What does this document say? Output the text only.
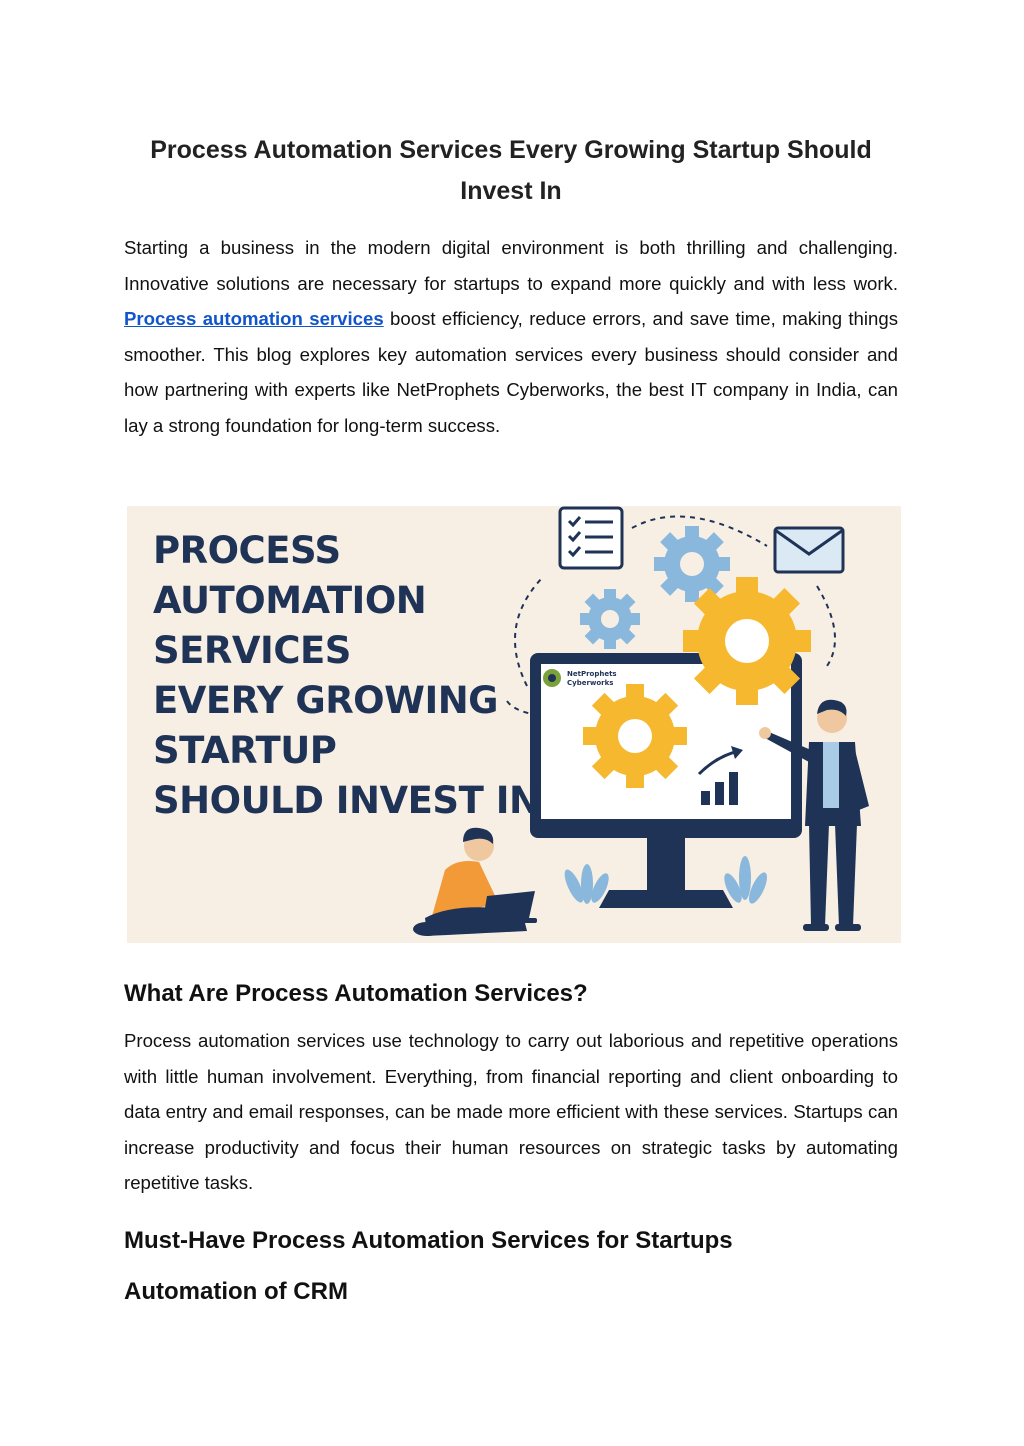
Process Automation Services Every Growing Startup Should Invest In

Starting a business in the modern digital environment is both thrilling and challenging. Innovative solutions are necessary for startups to expand more quickly and with less work. Process automation services boost efficiency, reduce errors, and save time, making things smoother. This blog explores key automation services every business should consider and how partnering with experts like NetProphets Cyberworks, the best IT company in India, can lay a strong foundation for long-term success.

NetProphets
Cyberworks

PROCESS
AUTOMATION
SERVICES
EVERY GROWING
STARTUP
SHOULD INVEST IN

What Are Process Automation Services?

Process automation services use technology to carry out laborious and repetitive operations with little human involvement. Everything, from financial reporting and client onboarding to data entry and email responses, can be made more efficient with these services. Startups can increase productivity and focus their human resources on strategic tasks by automating repetitive tasks.

Must-Have Process Automation Services for Startups
Automation of CRM
